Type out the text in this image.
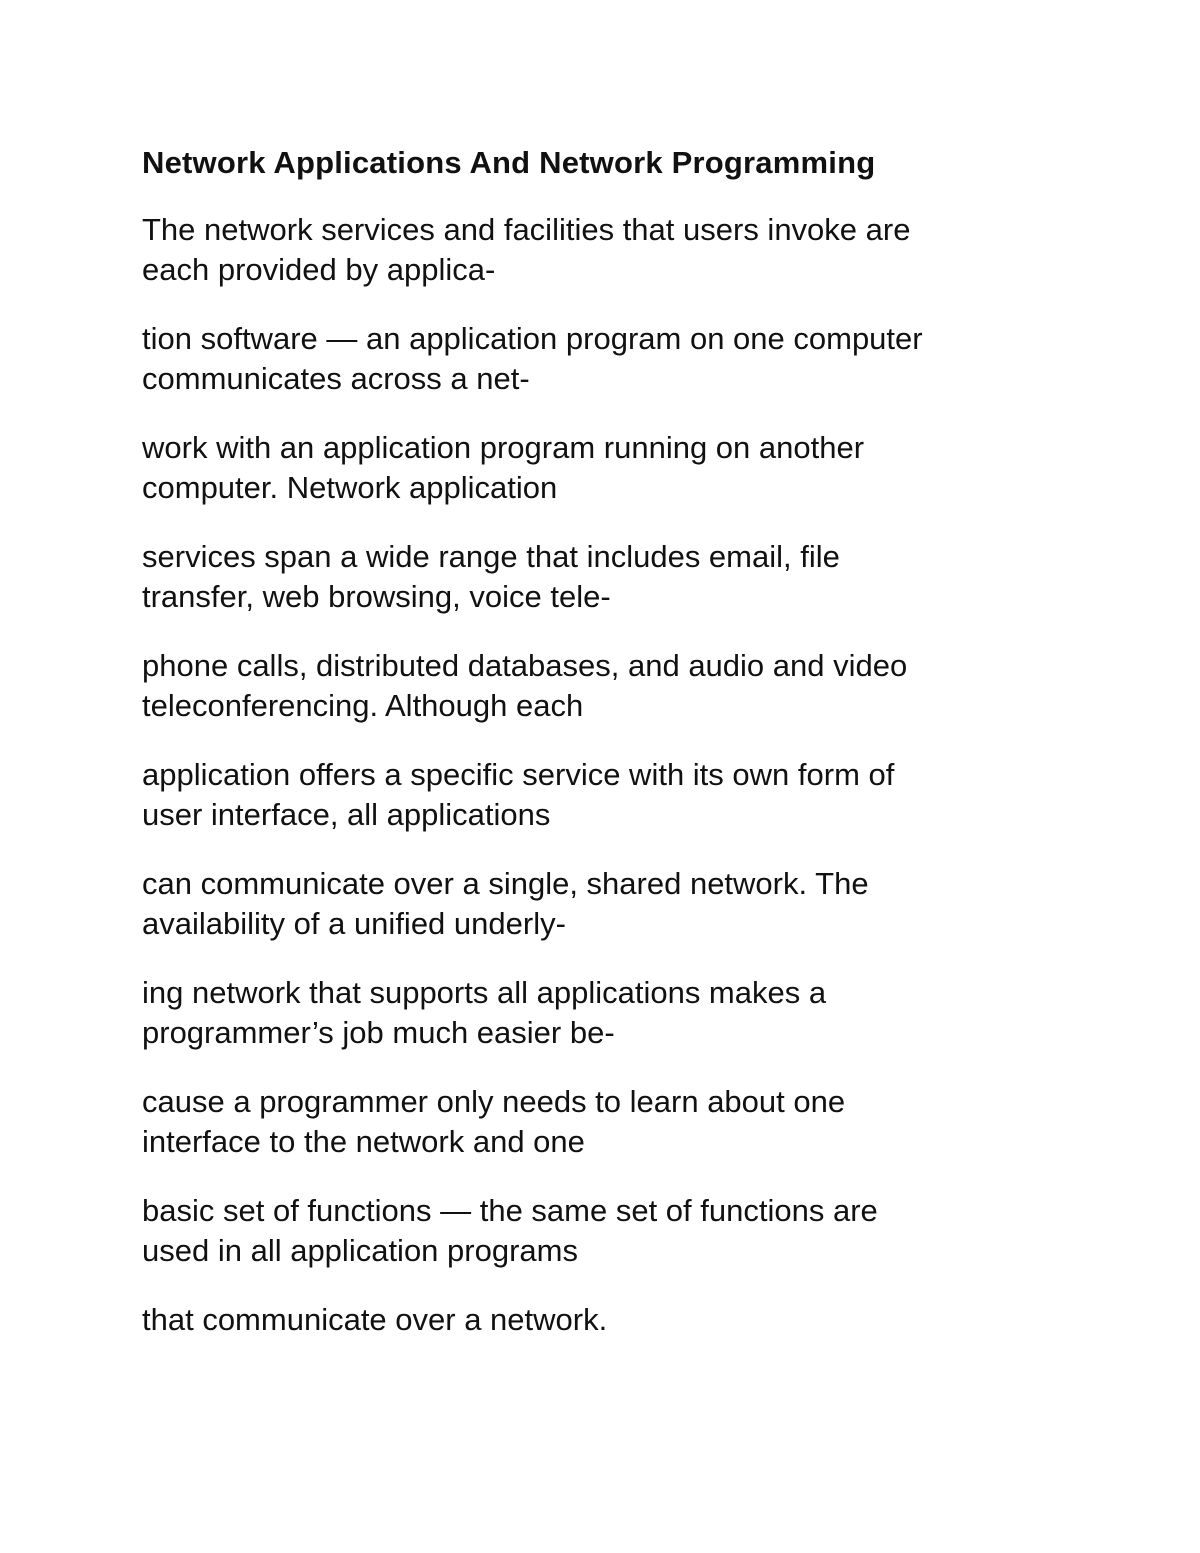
Network Applications And Network Programming

The network services and facilities that users invoke are
each provided by applica-

tion software — an application program on one computer
communicates across a net-

work with an application program running on another
computer. Network application

services span a wide range that includes email, file
transfer, web browsing, voice tele-

phone calls, distributed databases, and audio and video
teleconferencing. Although each

application offers a specific service with its own form of
user interface, all applications

can communicate over a single, shared network. The
availability of a unified underly-

ing network that supports all applications makes a
programmer’s job much easier be-

cause a programmer only needs to learn about one
interface to the network and one

basic set of functions — the same set of functions are
used in all application programs

that communicate over a network.
